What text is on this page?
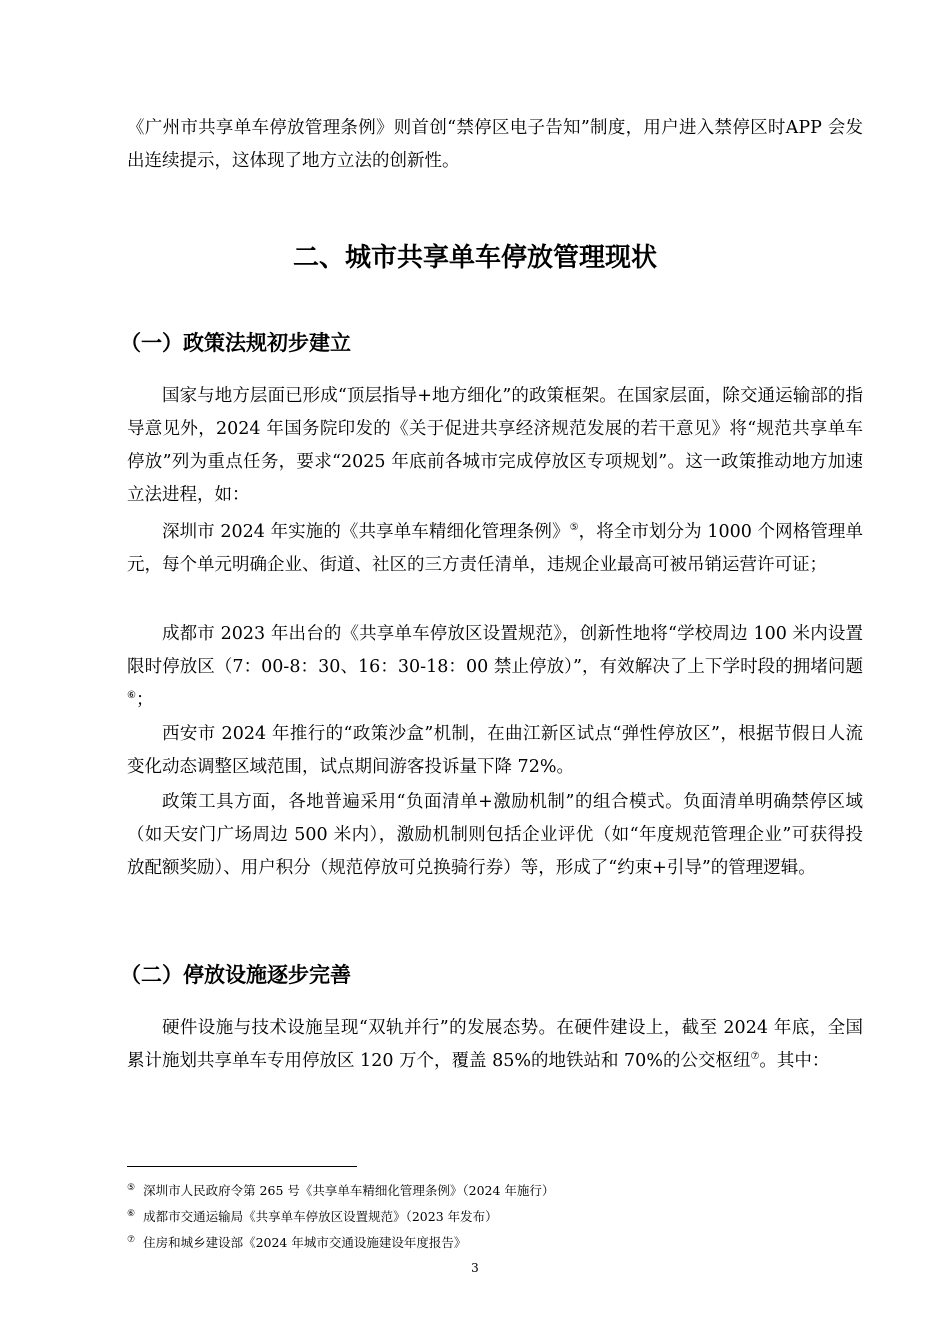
《广州市共享单车停放管理条例》则首创“禁停区电子告知”制度，用户进入禁停区时APP 会发出连续提示，这体现了地方立法的创新性。

二、城市共享单车停放管理现状
（一）政策法规初步建立

国家与地方层面已形成“顶层指导+地方细化”的政策框架。在国家层面，除交通运输部的指导意见外，2024 年国务院印发的《关于促进共享经济规范发展的若干意见》将“规范共享单车停放”列为重点任务，要求“2025 年底前各城市完成停放区专项规划”。这一政策推动地方加速立法进程，如：

深圳市 2024 年实施的《共享单车精细化管理条例》⑤，将全市划分为 1000 个网格管理单元，每个单元明确企业、街道、社区的三方责任清单，违规企业最高可被吊销运营许可证；

成都市 2023 年出台的《共享单车停放区设置规范》，创新性地将“学校周边 100 米内设置限时停放区（7：00-8：30、16：30-18：00 禁止停放）”，有效解决了上下学时段的拥堵问题⑥；

西安市 2024 年推行的“政策沙盒”机制，在曲江新区试点“弹性停放区”，根据节假日人流变化动态调整区域范围，试点期间游客投诉量下降 72%。

政策工具方面，各地普遍采用“负面清单+激励机制”的组合模式。负面清单明确禁停区域（如天安门广场周边 500 米内），激励机制则包括企业评优（如“年度规范管理企业”可获得投放配额奖励）、用户积分（规范停放可兑换骑行券）等，形成了“约束+引导”的管理逻辑。

（二）停放设施逐步完善

硬件设施与技术设施呈现“双轨并行”的发展态势。在硬件建设上，截至 2024 年底，全国累计施划共享单车专用停放区 120 万个，覆盖 85%的地铁站和 70%的公交枢纽⑦。其中：

⑤ 深圳市人民政府令第 265 号《共享单车精细化管理条例》（2024 年施行）

⑥ 成都市交通运输局《共享单车停放区设置规范》（2023 年发布）

⑦ 住房和城乡建设部《2024 年城市交通设施建设年度报告》

3
